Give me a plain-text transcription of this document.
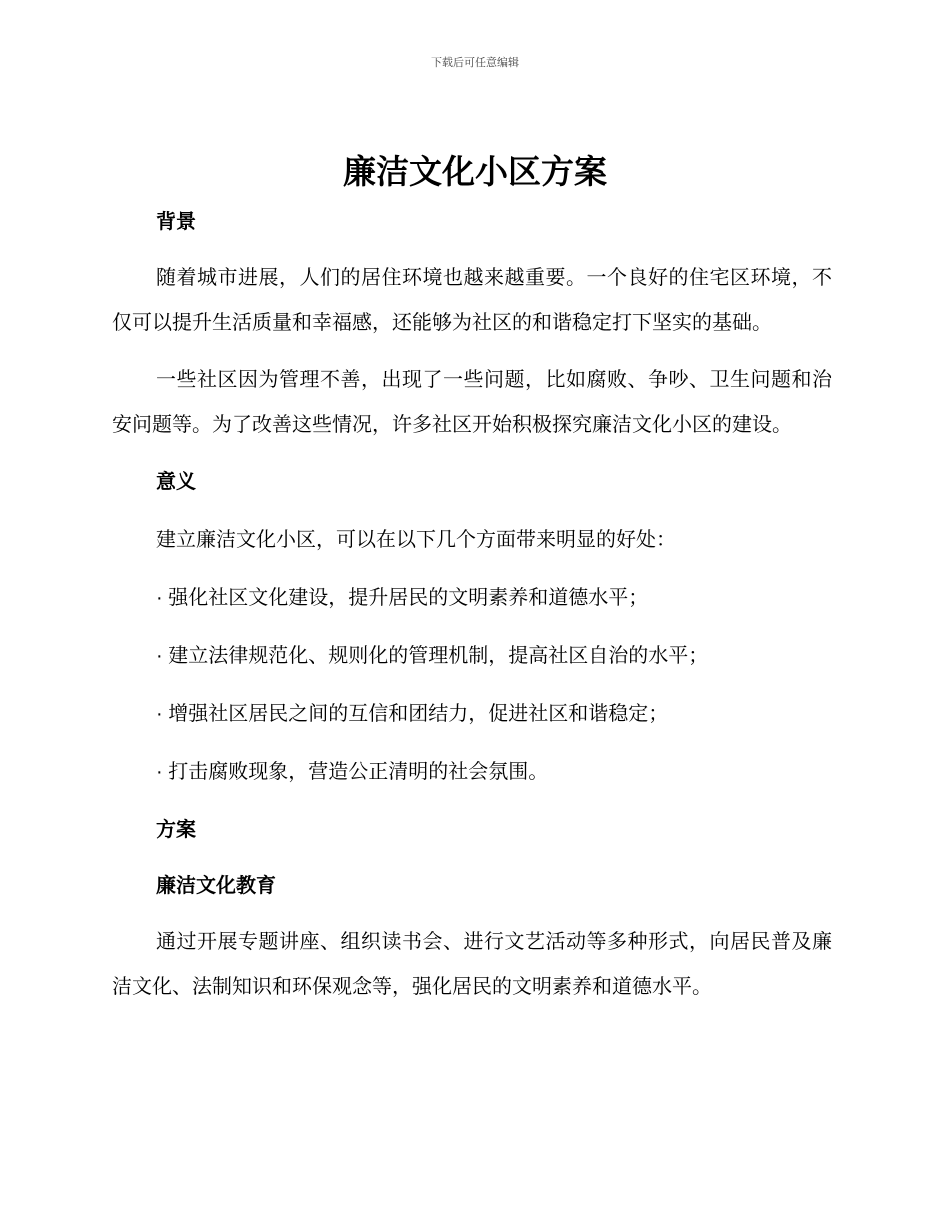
下载后可任意编辑
廉洁文化小区方案
背景

随着城市进展，人们的居住环境也越来越重要。一个良好的住宅区环境，不仅可以提升生活质量和幸福感，还能够为社区的和谐稳定打下坚实的基础。

一些社区因为管理不善，出现了一些问题，比如腐败、争吵、卫生问题和治安问题等。为了改善这些情况，许多社区开始积极探究廉洁文化小区的建设。

意义

建立廉洁文化小区，可以在以下几个方面带来明显的好处：

· 强化社区文化建设，提升居民的文明素养和道德水平；

· 建立法律规范化、规则化的管理机制，提高社区自治的水平；

· 增强社区居民之间的互信和团结力，促进社区和谐稳定；

· 打击腐败现象，营造公正清明的社会氛围。

方案
廉洁文化教育

通过开展专题讲座、组织读书会、进行文艺活动等多种形式，向居民普及廉洁文化、法制知识和环保观念等，强化居民的文明素养和道德水平。
